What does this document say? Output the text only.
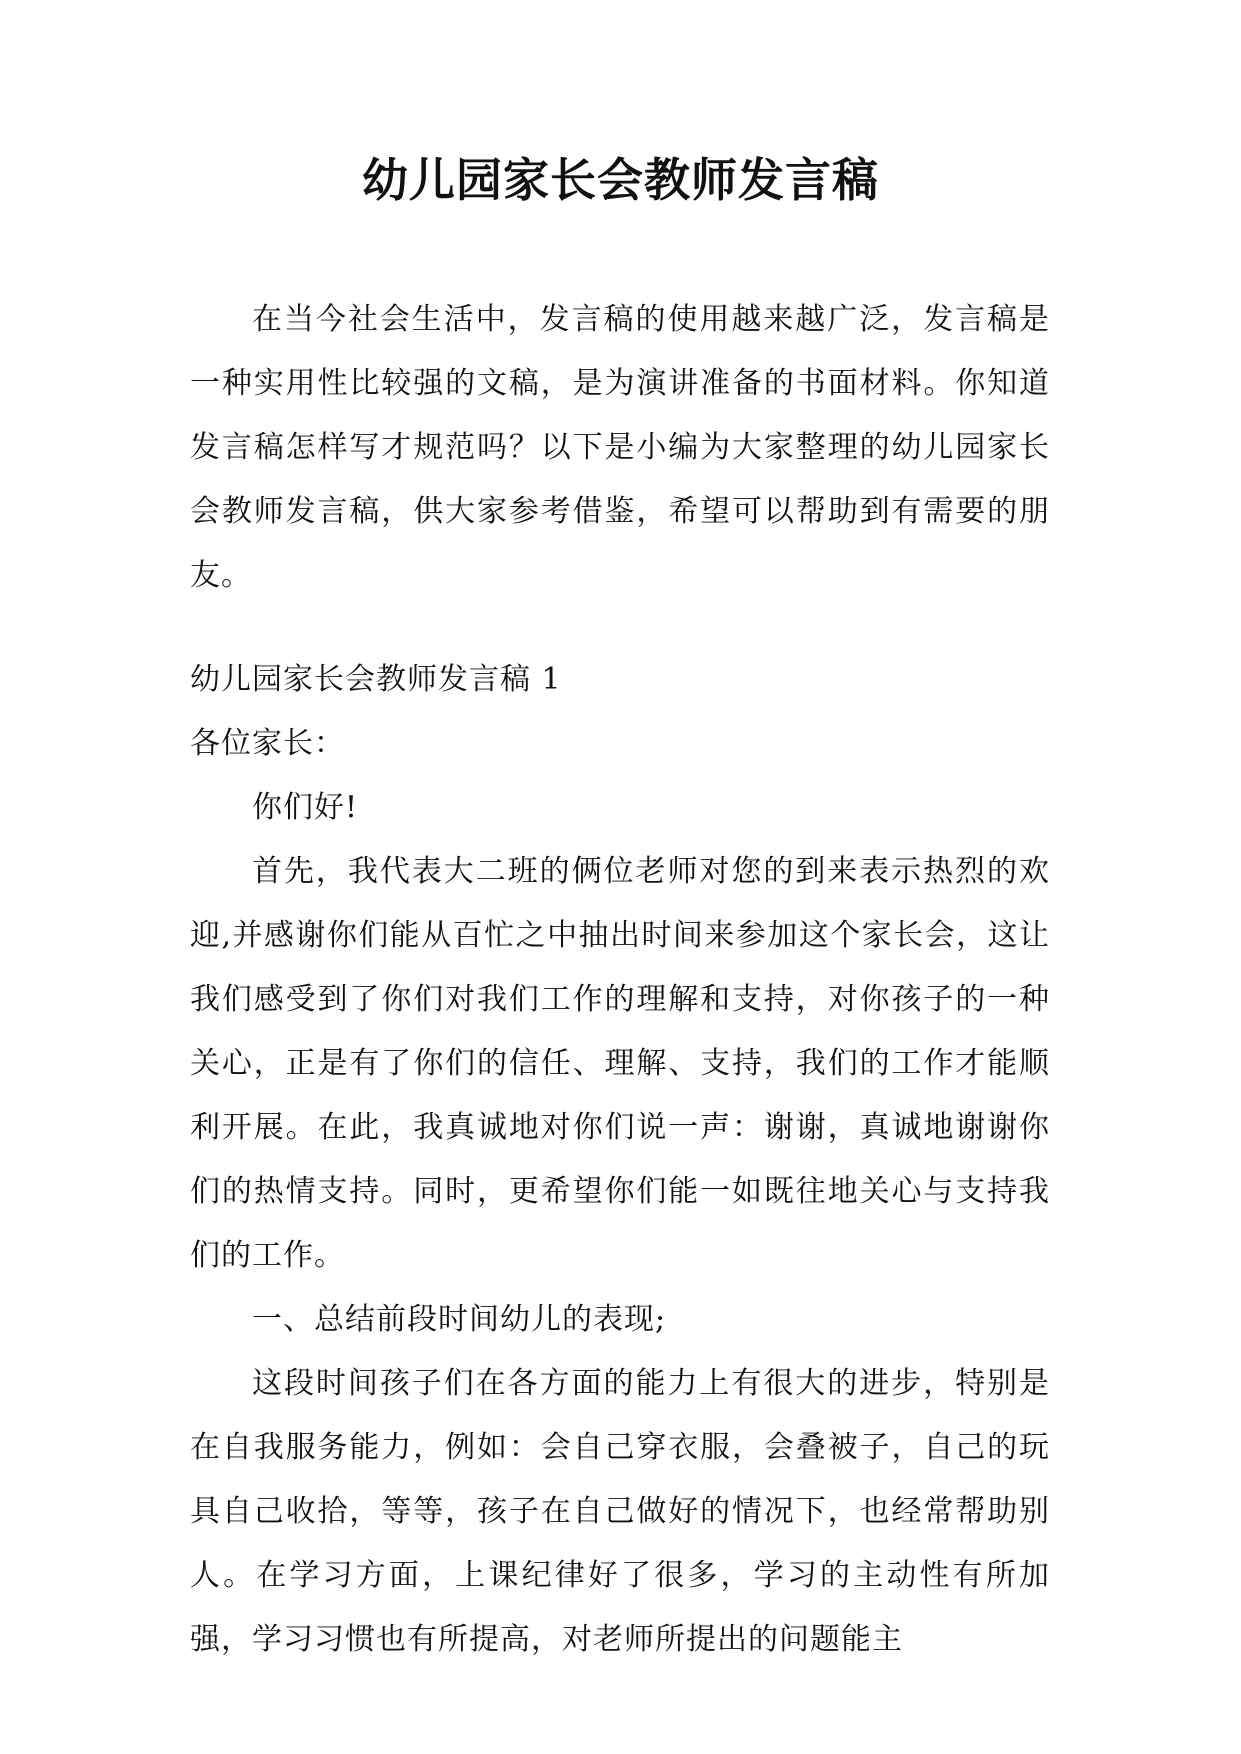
幼儿园家长会教师发言稿

在当今社会生活中，发言稿的使用越来越广泛，发言稿是一种实用性比较强的文稿，是为演讲准备的书面材料。你知道发言稿怎样写才规范吗？以下是小编为大家整理的幼儿园家长会教师发言稿，供大家参考借鉴，希望可以帮助到有需要的朋友。

幼儿园家长会教师发言稿 1

各位家长：

你们好!

首先，我代表大二班的俩位老师对您的到来表示热烈的欢迎,并感谢你们能从百忙之中抽出时间来参加这个家长会，这让我们感受到了你们对我们工作的理解和支持，对你孩子的一种关心，正是有了你们的信任、理解、支持，我们的工作才能顺利开展。在此，我真诚地对你们说一声：谢谢，真诚地谢谢你们的热情支持。同时，更希望你们能一如既往地关心与支持我们的工作。

一、总结前段时间幼儿的表现;

这段时间孩子们在各方面的能力上有很大的进步，特别是在自我服务能力，例如：会自己穿衣服，会叠被子，自己的玩具自己收拾，等等，孩子在自己做好的情况下，也经常帮助别人。在学习方面，上课纪律好了很多，学习的主动性有所加强，学习习惯也有所提高，对老师所提出的问题能主
